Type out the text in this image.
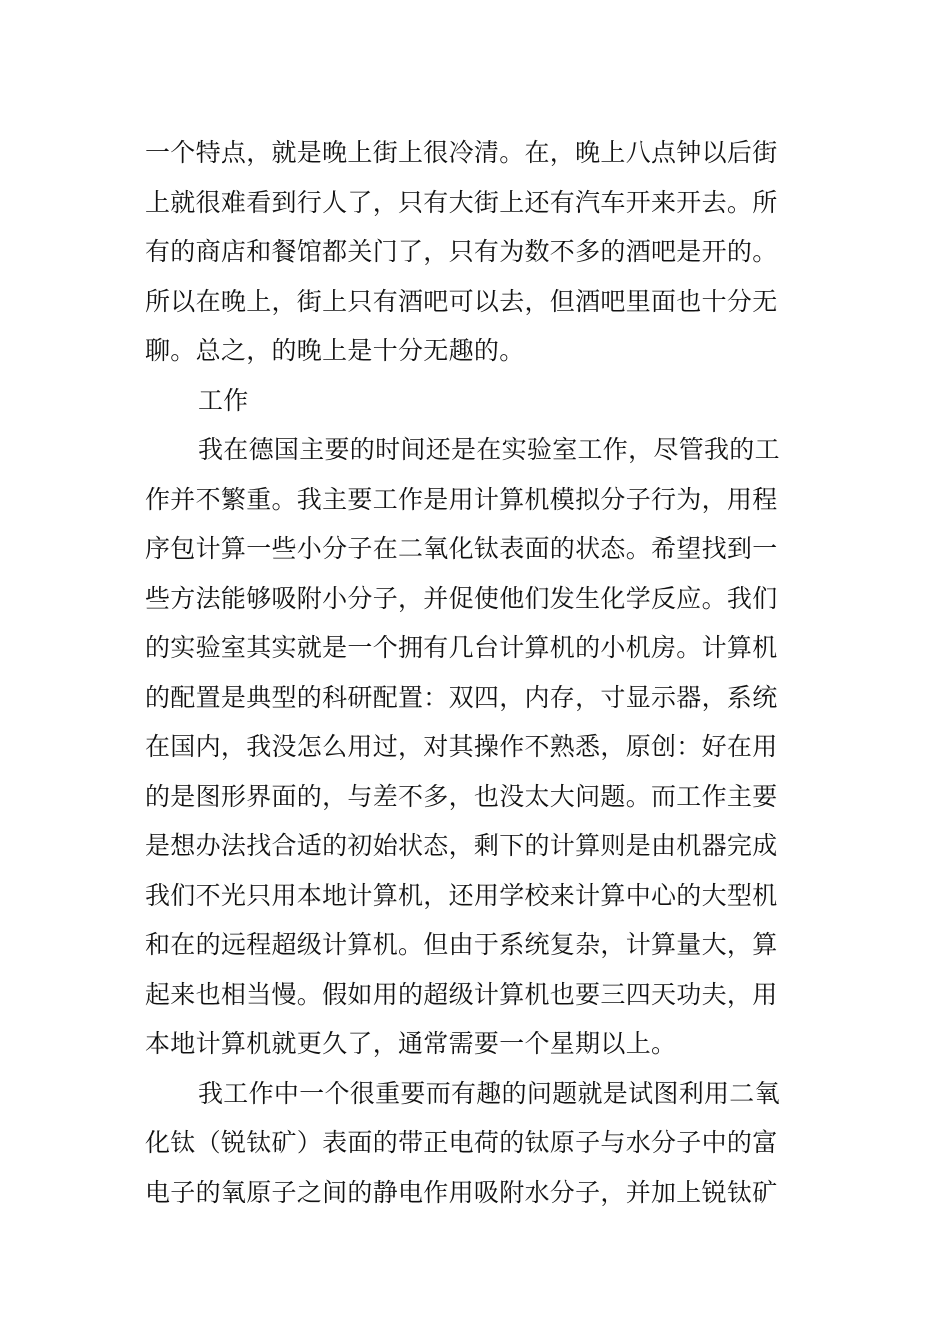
一个特点，就是晚上街上很冷清。在，晚上八点钟以后街
上就很难看到行人了，只有大街上还有汽车开来开去。所
有的商店和餐馆都关门了，只有为数不多的酒吧是开的。
所以在晚上，街上只有酒吧可以去，但酒吧里面也十分无
聊。总之，的晚上是十分无趣的。
工作
我在德国主要的时间还是在实验室工作，尽管我的工
作并不繁重。我主要工作是用计算机模拟分子行为，用程
序包计算一些小分子在二氧化钛表面的状态。希望找到一
些方法能够吸附小分子，并促使他们发生化学反应。我们
的实验室其实就是一个拥有几台计算机的小机房。计算机
的配置是典型的科研配置：双四，内存，寸显示器，系统
在国内，我没怎么用过，对其操作不熟悉，原创：好在用
的是图形界面的，与差不多，也没太大问题。而工作主要
是想办法找合适的初始状态，剩下的计算则是由机器完成
我们不光只用本地计算机，还用学校来计算中心的大型机
和在的远程超级计算机。但由于系统复杂，计算量大，算
起来也相当慢。假如用的超级计算机也要三四天功夫，用
本地计算机就更久了，通常需要一个星期以上。
我工作中一个很重要而有趣的问题就是试图利用二氧
化钛（锐钛矿）表面的带正电荷的钛原子与水分子中的富
电子的氧原子之间的静电作用吸附水分子，并加上锐钛矿
